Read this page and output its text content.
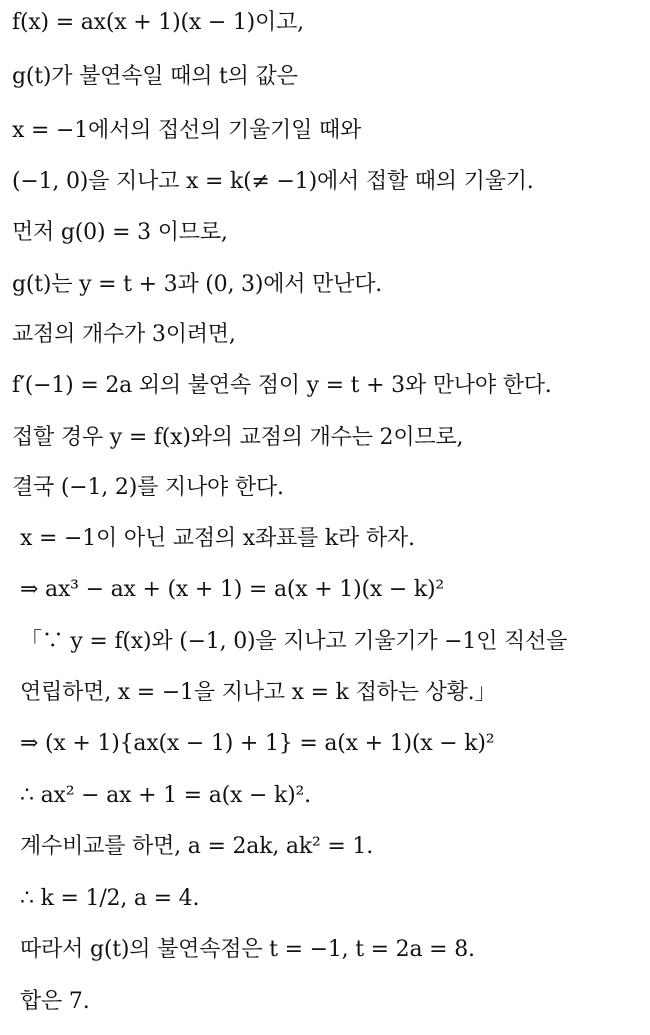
f(x) = ax(x + 1)(x − 1)이고,
g(t)가 불연속일 때의 t의 값은
x = −1에서의 접선의 기울기일 때와
(−1, 0)을 지나고 x = k(≠ −1)에서 접할 때의 기울기.
먼저 g(0) = 3 이므로,
g(t)는 y = t + 3과 (0, 3)에서 만난다.
교점의 개수가 3이려면,
f′(−1) = 2a 외의 불연속 점이 y = t + 3와 만나야 한다.
접할 경우 y = f(x)와의 교점의 개수는 2이므로,
결국 (−1, 2)를 지나야 한다.
x = −1이 아닌 교점의 x좌표를 k라 하자.
⇒ ax³ − ax + (x + 1) = a(x + 1)(x − k)²
「∵ y = f(x)와 (−1, 0)을 지나고 기울기가 −1인 직선을
연립하면, x = −1을 지나고 x = k 접하는 상황.」
⇒ (x + 1){ax(x − 1) + 1} = a(x + 1)(x − k)²
∴ ax² − ax + 1 = a(x − k)².
계수비교를 하면, a = 2ak, ak² = 1.
∴ k = 1/2, a = 4.
따라서 g(t)의 불연속점은 t = −1, t = 2a = 8.
합은 7.
